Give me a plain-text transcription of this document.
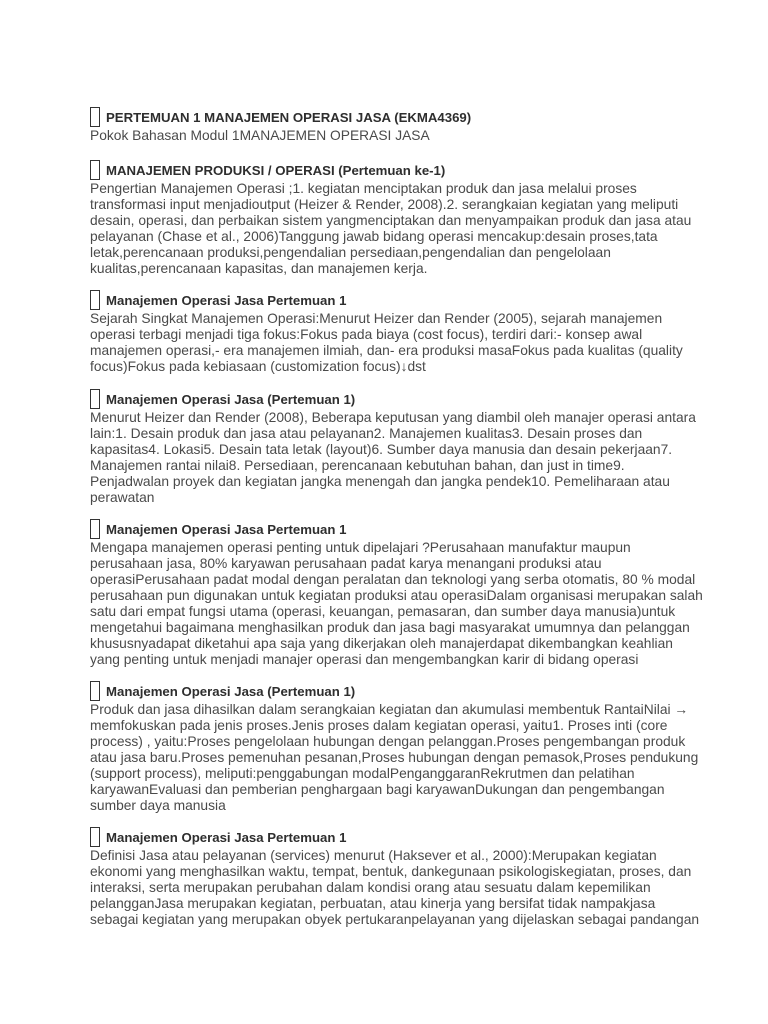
PERTEMUAN 1 MANAJEMEN OPERASI JASA (EKMA4369)
Pokok Bahasan Modul 1MANAJEMEN OPERASI JASA
MANAJEMEN PRODUKSI / OPERASI (Pertemuan ke-1)
Pengertian Manajemen Operasi ;1. kegiatan menciptakan produk dan jasa melalui proses
transformasi input menjadioutput (Heizer & Render, 2008).2. serangkaian kegiatan yang meliputi
desain, operasi, dan perbaikan sistem yangmenciptakan dan menyampaikan produk dan jasa atau
pelayanan (Chase et al., 2006)Tanggung jawab bidang operasi mencakup:desain proses,tata
letak,perencanaan produksi,pengendalian persediaan,pengendalian dan pengelolaan
kualitas,perencanaan kapasitas, dan manajemen kerja.
Manajemen Operasi Jasa Pertemuan 1
Sejarah Singkat Manajemen Operasi:Menurut Heizer dan Render (2005), sejarah manajemen
operasi terbagi menjadi tiga fokus:Fokus pada biaya (cost focus), terdiri dari:- konsep awal
manajemen operasi,- era manajemen ilmiah, dan- era produksi masaFokus pada kualitas (quality
focus)Fokus pada kebiasaan (customization focus)↓dst
Manajemen Operasi Jasa (Pertemuan 1)
Menurut Heizer dan Render (2008), Beberapa keputusan yang diambil oleh manajer operasi antara
lain:1. Desain produk dan jasa atau pelayanan2. Manajemen kualitas3. Desain proses dan
kapasitas4. Lokasi5. Desain tata letak (layout)6. Sumber daya manusia dan desain pekerjaan7.
Manajemen rantai nilai8. Persediaan, perencanaan kebutuhan bahan, dan just in time9.
Penjadwalan proyek dan kegiatan jangka menengah dan jangka pendek10. Pemeliharaan atau
perawatan
Manajemen Operasi Jasa Pertemuan 1
Mengapa manajemen operasi penting untuk dipelajari ?Perusahaan manufaktur maupun
perusahaan jasa, 80% karyawan perusahaan padat karya menangani produksi atau
operasiPerusahaan padat modal dengan peralatan dan teknologi yang serba otomatis, 80 % modal
perusahaan pun digunakan untuk kegiatan produksi atau operasiDalam organisasi merupakan salah
satu dari empat fungsi utama (operasi, keuangan, pemasaran, dan sumber daya manusia)untuk
mengetahui bagaimana menghasilkan produk dan jasa bagi masyarakat umumnya dan pelanggan
khususnyadapat diketahui apa saja yang dikerjakan oleh manajerdapat dikembangkan keahlian
yang penting untuk menjadi manajer operasi dan mengembangkan karir di bidang operasi
Manajemen Operasi Jasa (Pertemuan 1)
Produk dan jasa dihasilkan dalam serangkaian kegiatan dan akumulasi membentuk RantaiNilai →
memfokuskan pada jenis proses.Jenis proses dalam kegiatan operasi, yaitu1. Proses inti (core
process) , yaitu:Proses pengelolaan hubungan dengan pelanggan.Proses pengembangan produk
atau jasa baru.Proses pemenuhan pesanan,Proses hubungan dengan pemasok,Proses pendukung
(support process), meliputi:penggabungan modalPenganggaranRekrutmen dan pelatihan
karyawanEvaluasi dan pemberian penghargaan bagi karyawanDukungan dan pengembangan
sumber daya manusia
Manajemen Operasi Jasa Pertemuan 1
Definisi Jasa atau pelayanan (services) menurut (Haksever et al., 2000):Merupakan kegiatan
ekonomi yang menghasilkan waktu, tempat, bentuk, dankegunaan psikologiskegiatan, proses, dan
interaksi, serta merupakan perubahan dalam kondisi orang atau sesuatu dalam kepemilikan
pelangganJasa merupakan kegiatan, perbuatan, atau kinerja yang bersifat tidak nampakjasa
sebagai kegiatan yang merupakan obyek pertukaranpelayanan yang dijelaskan sebagai pandangan
